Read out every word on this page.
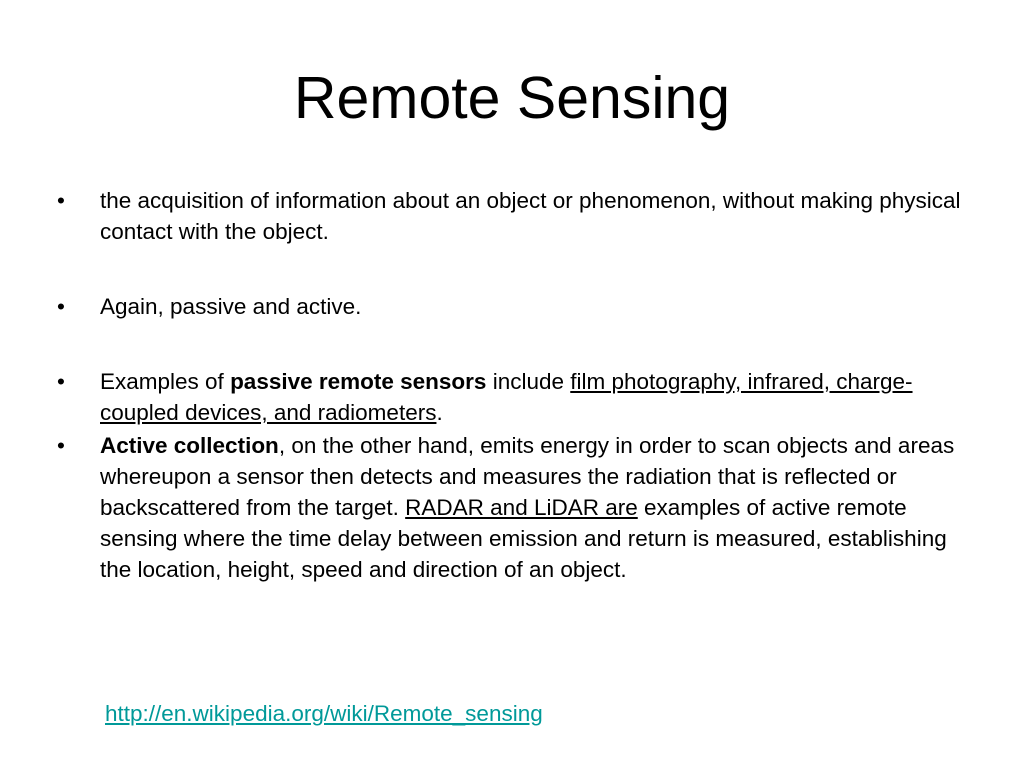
Remote Sensing
•	the acquisition of information about an object or phenomenon, without making physical contact with the object.
•	Again, passive and active.
•	Examples of passive remote sensors include film photography, infrared, charge-coupled devices, and radiometers.
•	Active collection, on the other hand, emits energy in order to scan objects and areas whereupon a sensor then detects and measures the radiation that is reflected or backscattered from the target. RADAR and LiDAR are examples of active remote sensing where the time delay between emission and return is measured, establishing the location, height, speed and direction of an object.
http://en.wikipedia.org/wiki/Remote_sensing
